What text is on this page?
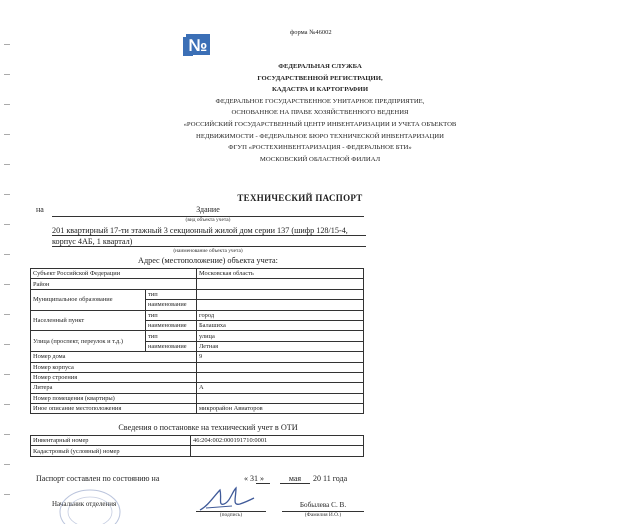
форма №46002
№
ФЕДЕРАЛЬНАЯ СЛУЖБА
ГОСУДАРСТВЕННОЙ РЕГИСТРАЦИИ,
КАДАСТРА И КАРТОГРАФИИ
ФЕДЕРАЛЬНОЕ ГОСУДАРСТВЕННОЕ УНИТАРНОЕ ПРЕДПРИЯТИЕ,
ОСНОВАННОЕ НА ПРАВЕ ХОЗЯЙСТВЕННОГО ВЕДЕНИЯ
«РОССИЙСКИЙ ГОСУДАРСТВЕННЫЙ ЦЕНТР ИНВЕНТАРИЗАЦИИ И УЧЕТА ОБЪЕКТОВ
НЕДВИЖИМОСТИ - ФЕДЕРАЛЬНОЕ БЮРО ТЕХНИЧЕСКОЙ ИНВЕНТАРИЗАЦИИ
ФГУП «РОСТЕХИНВЕНТАРИЗАЦИЯ - ФЕДЕРАЛЬНОЕ БТИ»
МОСКОВСКИЙ ОБЛАСТНОЙ ФИЛИАЛ
ТЕХНИЧЕСКИЙ ПАСПОРТ
на	Здание
(вид объекта учета)
201 квартирный 17-ти этажный 3 секционный жилой дом серии 137 (шифр 128/15-4, корпус 4АБ, 1 квартал)
(наименование объекта учета)
Адрес (местоположение) объекта учета:
Субъект Российской Федерации		Московская область
Район		
Муниципальное образование	тип	
	наименование	
Населенный пункт	тип	город
	наименование	Балашиха
Улица (проспект, переулок и т.д.)	тип	улица
	наименование	Летная
Номер дома		9
Номер корпуса		
Номер строения		
Литера		А
Номер помещения (квартиры)		
Иное описание местоположения		микрорайон Авиаторов
Сведения о постановке на технический учет в ОТИ
Инвентарный номер	46:204:002:000191710:0001
Кадастровый (условный) номер	
Паспорт составлен по состоянию на	« 31 »	мая	20 11 года
Начальник отделения
(подпись)
Бобылева С. В.
(Фамилия И.О.)
